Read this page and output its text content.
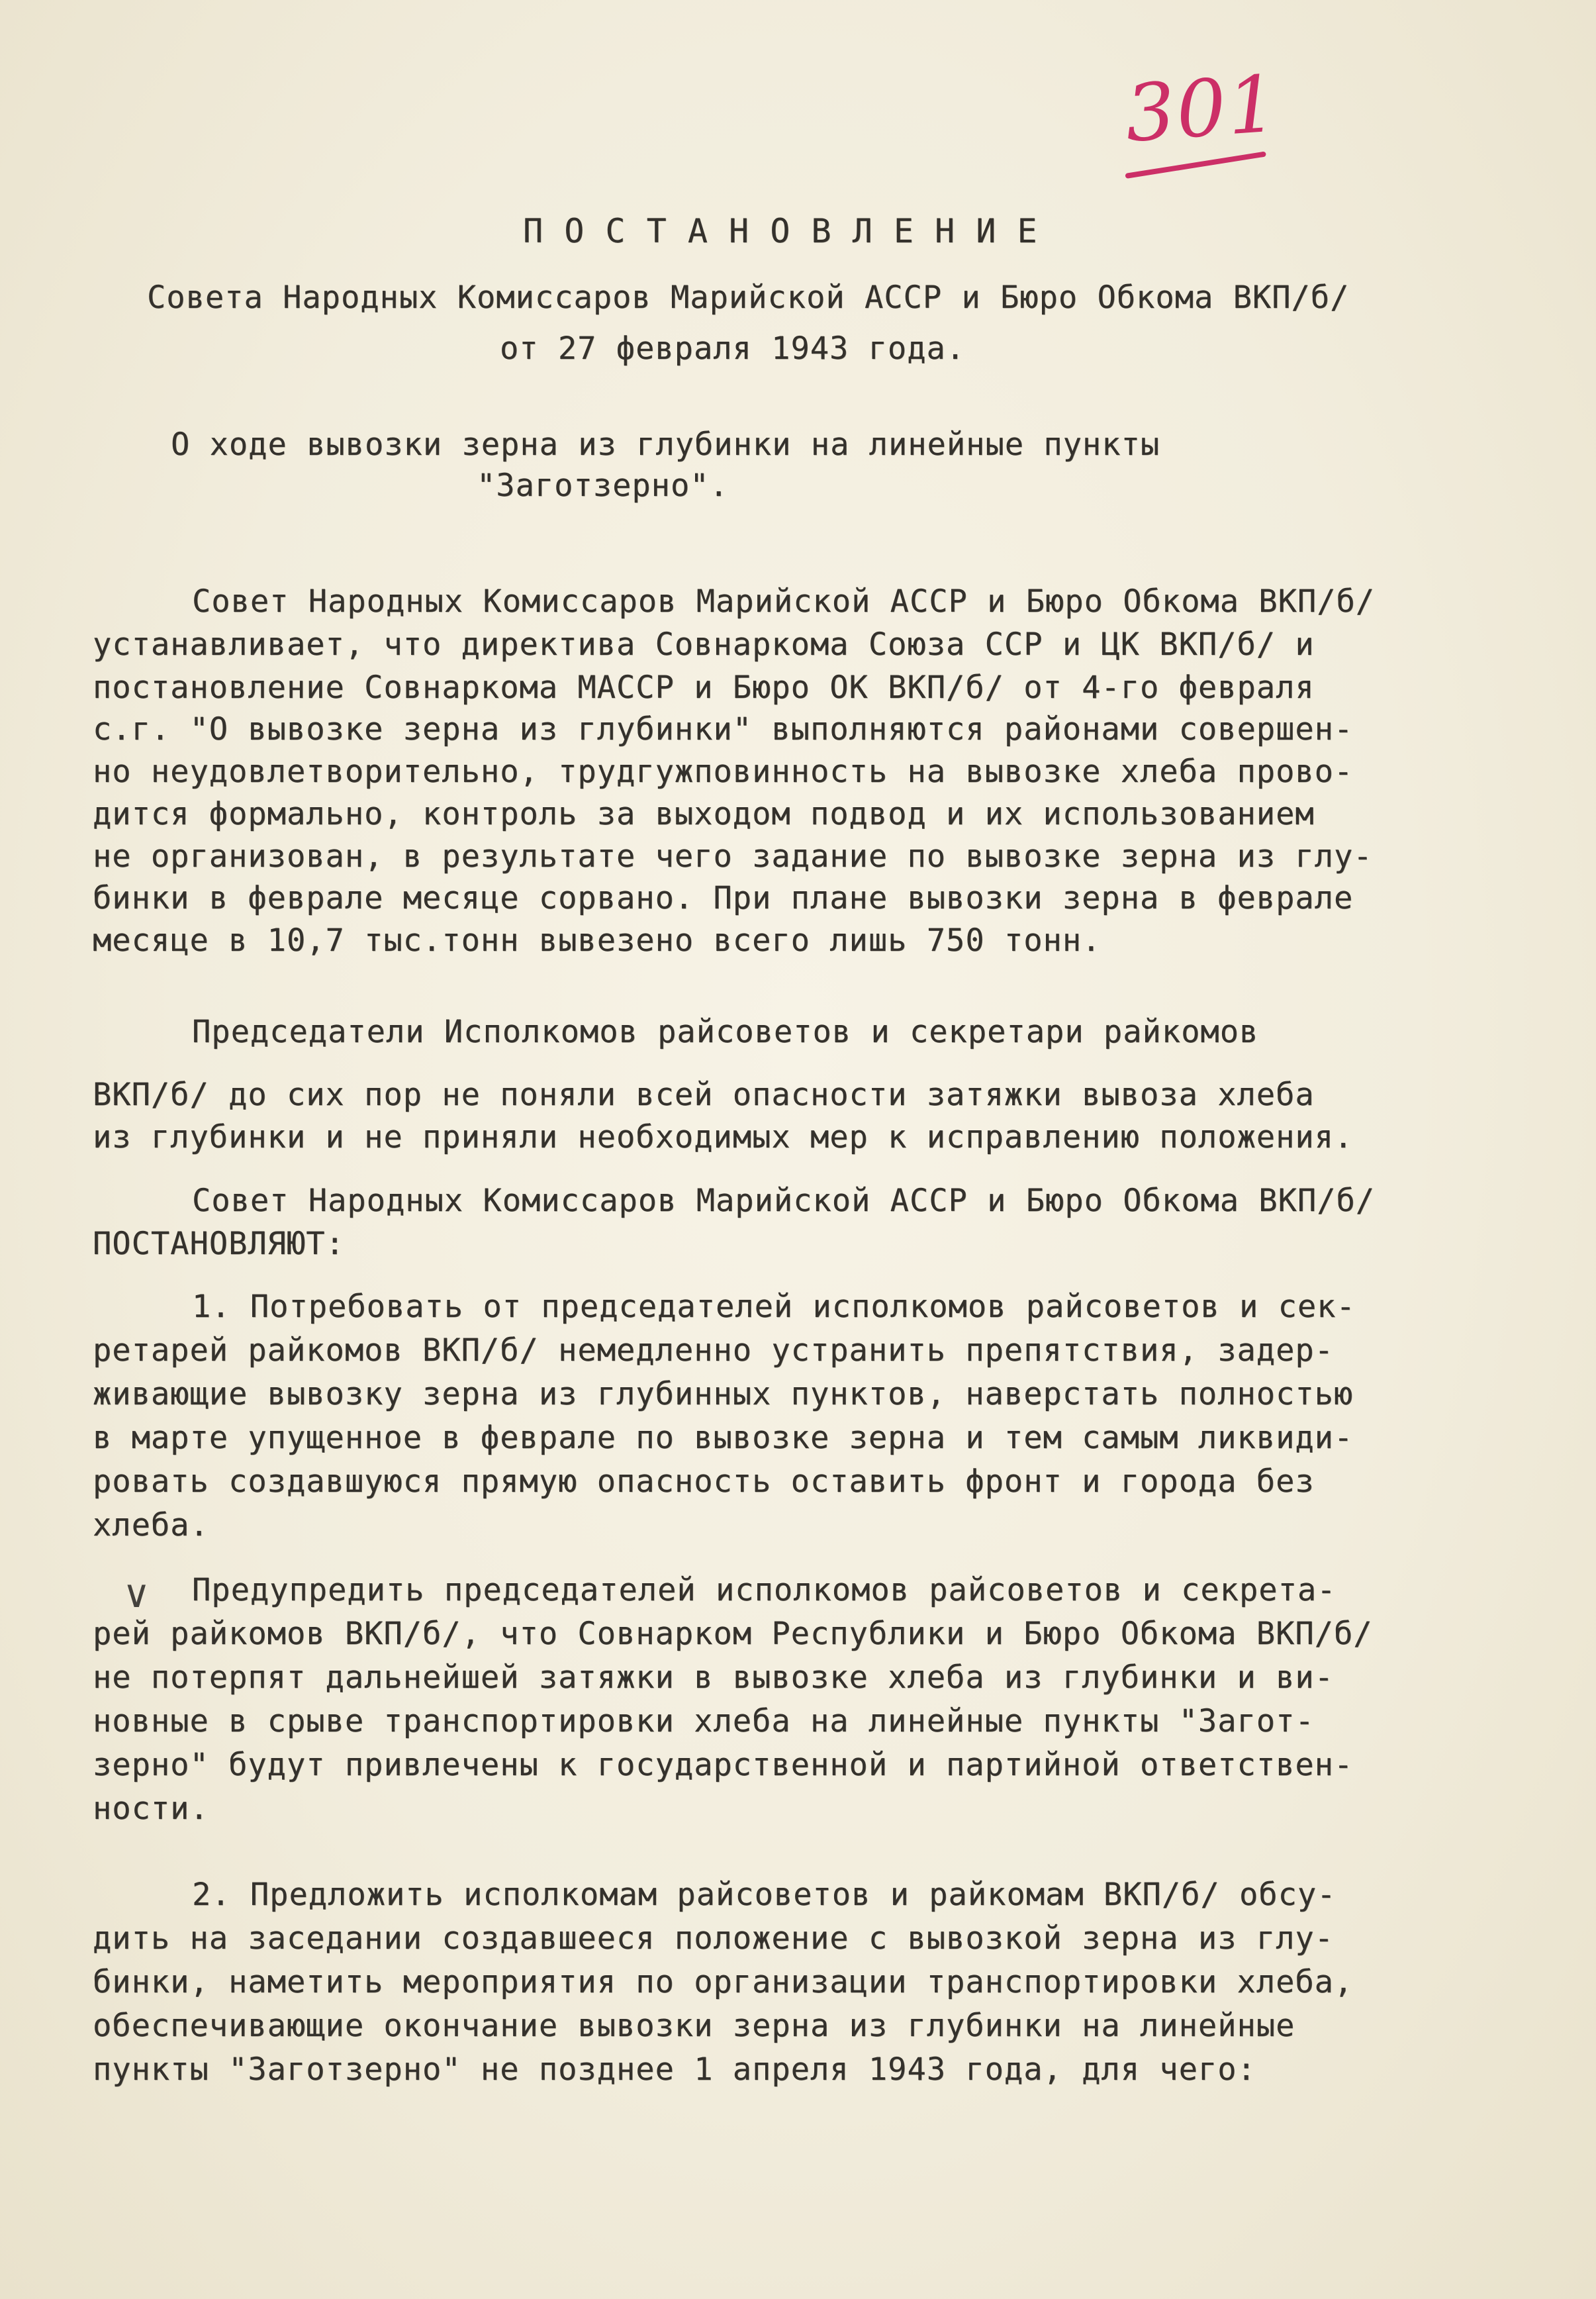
301
П О С Т А Н О В Л Е Н И Е
Совета Народных Комиссаров Марийской АССР и Бюро Обкома ВКП/б/
от 27 февраля 1943 года.
О ходе вывозки зерна из глубинки на линейные пункты
"Заготзерно".
Совет Народных Комиссаров Марийской АССР и Бюро Обкома ВКП/б/
устанавливает, что директива Совнаркома Союза ССР и ЦК ВКП/б/ и
постановление Совнаркома МАССР и Бюро ОК ВКП/б/ от 4-го февраля
с.г. "О вывозке зерна из глубинки" выполняются районами совершен-
но неудовлетворительно, трудгужповинность на вывозке хлеба прово-
дится формально, контроль за выходом подвод и их использованием
не организован, в результате чего задание по вывозке зерна из глу-
бинки в феврале месяце сорвано. При плане вывозки зерна в феврале
месяце в 10,7 тыс.тонн вывезено всего лишь 750 тонн.
Председатели Исполкомов райсоветов и секретари райкомов
ВКП/б/ до сих пор не поняли всей опасности затяжки вывоза хлеба
из глубинки и не приняли необходимых мер к исправлению положения.
Совет Народных Комиссаров Марийской АССР и Бюро Обкома ВКП/б/
ПОСТАНОВЛЯЮТ:
1. Потребовать от председателей исполкомов райсоветов и сек-
ретарей райкомов ВКП/б/ немедленно устранить препятствия, задер-
живающие вывозку зерна из глубинных пунктов, наверстать полностью
в марте упущенное в феврале по вывозке зерна и тем самым ликвиди-
ровать создавшуюся прямую опасность оставить фронт и города без
хлеба.
∨ Предупредить председателей исполкомов райсоветов и секрета-
рей райкомов ВКП/б/, что Совнарком Республики и Бюро Обкома ВКП/б/
не потерпят дальнейшей затяжки в вывозке хлеба из глубинки и ви-
новные в срыве транспортировки хлеба на линейные пункты "Загот-
зерно" будут привлечены к государственной и партийной ответствен-
ности.
2. Предложить исполкомам райсоветов и райкомам ВКП/б/ обсу-
дить на заседании создавшееся положение с вывозкой зерна из глу-
бинки, наметить мероприятия по организации транспортировки хлеба,
обеспечивающие окончание вывозки зерна из глубинки на линейные
пункты "Заготзерно" не позднее 1 апреля 1943 года, для чего:
